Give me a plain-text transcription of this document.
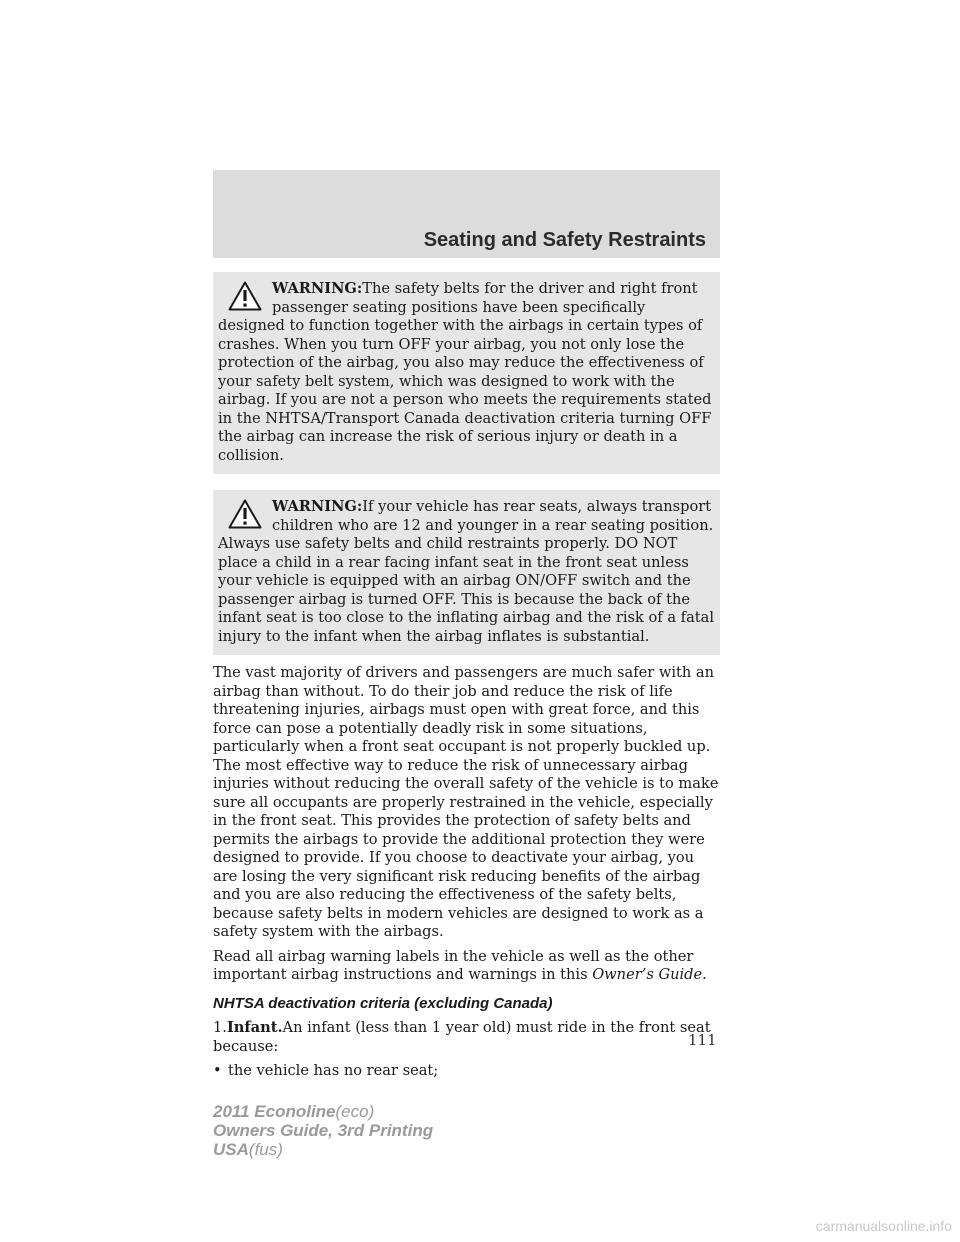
Seating and Safety Restraints

WARNING:The safety belts for the driver and right front passenger seating positions have been specifically designed to function together with the airbags in certain types of crashes. When you turn OFF your airbag, you not only lose the protection of the airbag, you also may reduce the effectiveness of your safety belt system, which was designed to work with the airbag. If you are not a person who meets the requirements stated in the NHTSA/Transport Canada deactivation criteria turning OFF the airbag can increase the risk of serious injury or death in a collision.

WARNING:If your vehicle has rear seats, always transport children who are 12 and younger in a rear seating position. Always use safety belts and child restraints properly. DO NOT place a child in a rear facing infant seat in the front seat unless your vehicle is equipped with an airbag ON/OFF switch and the passenger airbag is turned OFF. This is because the back of the infant seat is too close to the inflating airbag and the risk of a fatal injury to the infant when the airbag inflates is substantial.

The vast majority of drivers and passengers are much safer with an airbag than without. To do their job and reduce the risk of life threatening injuries, airbags must open with great force, and this force can pose a potentially deadly risk in some situations, particularly when a front seat occupant is not properly buckled up. The most effective way to reduce the risk of unnecessary airbag injuries without reducing the overall safety of the vehicle is to make sure all occupants are properly restrained in the vehicle, especially in the front seat. This provides the protection of safety belts and permits the airbags to provide the additional protection they were designed to provide. If you choose to deactivate your airbag, you are losing the very significant risk reducing benefits of the airbag and you are also reducing the effectiveness of the safety belts, because safety belts in modern vehicles are designed to work as a safety system with the airbags.

Read all airbag warning labels in the vehicle as well as the other important airbag instructions and warnings in this Owner’s Guide.

NHTSA deactivation criteria (excluding Canada)

1.Infant.An infant (less than 1 year old) must ride in the front seat because:

• the vehicle has no rear seat;
111
2011 Econoline(eco)
Owners Guide, 3rd Printing
USA(fus)
carmanualsonline.info
